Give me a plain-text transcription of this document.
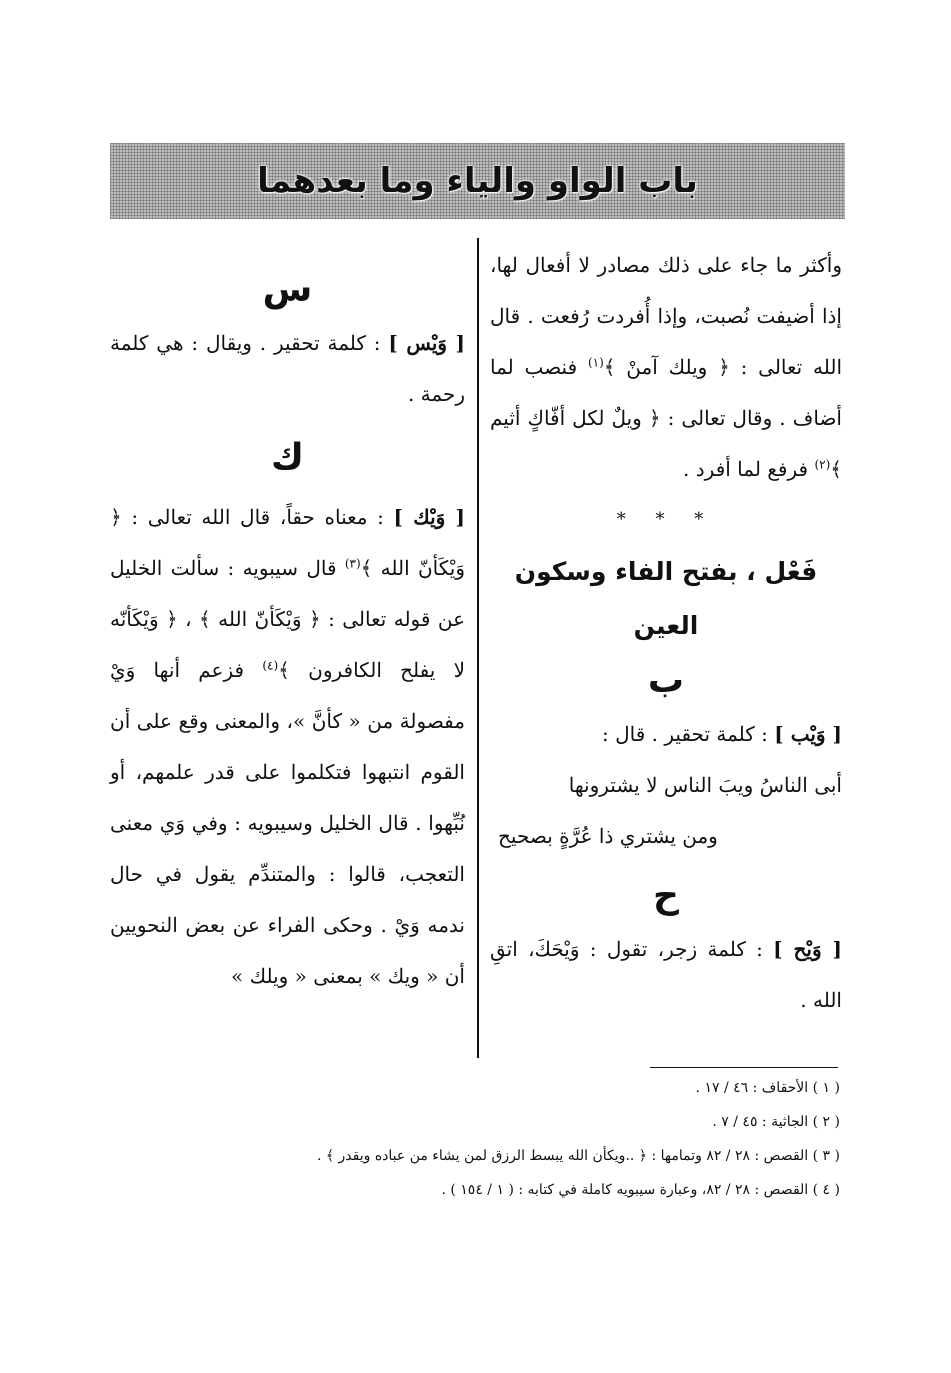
باب الواو والياء وما بعدهما

وأكثر ما جاء على ذلك مصادر لا أفعال لها، إذا أضيفت نُصبت، وإذا أُفردت رُفعت . قال الله تعالى : ﴿ ويلك آمنْ ﴾$^{(١)}$ فنصب لما أضاف . وقال تعالى : ﴿ ويلٌ لكل أفّاكٍ أثيم ﴾$^{(٢)}$ فرفع لما أفرد .

* * *
فَعْل ، بفتح الفاء وسكون العين
ب

[ وَيْب ] : كلمة تحقير . قال :

أبى الناسُ ويبَ الناس لا يشترونها
ومن يشتري ذا عُرَّةٍ بصحيح
ح

[ وَيْح ] : كلمة زجر، تقول : وَيْحَكَ، اتقِ الله .

س

[ وَيْس ] : كلمة تحقير . ويقال : هي كلمة رحمة .

ك

[ وَيْك ] : معناه حقاً، قال الله تعالى : ﴿ وَيْكَأنّ الله ﴾$^{(٣)}$ قال سيبويه : سألت الخليل عن قوله تعالى : ﴿ وَيْكَأنّ الله ﴾ ، ﴿ وَيْكَأنّه لا يفلح الكافرون ﴾$^{(٤)}$ فزعم أنها وَيْ مفصولة من « كأنَّ »، والمعنى وقع على أن القوم انتبهوا فتكلموا على قدر علمهم، أو نُبِّهوا . قال الخليل وسيبويه : وفي وَي معنى التعجب، قالوا : والمتندِّم يقول في حال ندمه وَيْ . وحكى الفراء عن بعض النحويين أن « ويك » بمعنى « ويلك »

( ١ ) الأحقاف : ٤٦ / ١٧ .
( ٢ ) الجاثية : ٤٥ / ٧ .
( ٣ ) القصص : ٢٨ / ٨٢ وتمامها : ﴿ ..ويكأن الله يبسط الرزق لمن يشاء من عباده ويقدر ﴾ .
( ٤ ) القصص : ٢٨ / ٨٢، وعبارة سيبويه كاملة في كتابه : ( ١ / ١٥٤ ) .
